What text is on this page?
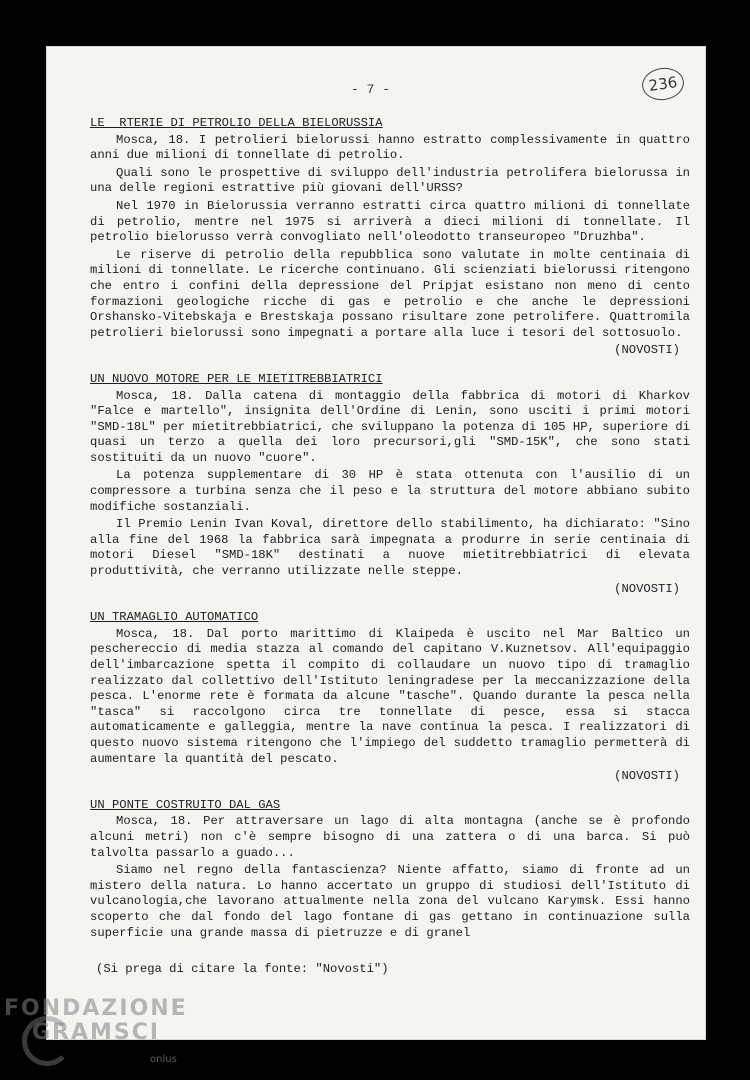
- 7 -	236
LE  RTERIE DI PETROLIO DELLA BIELORUSSIA

Mosca, 18. I petrolieri bielorussi hanno estratto complessivamente in quattro anni due milioni di tonnellate di petrolio.

Quali sono le prospettive di sviluppo dell'industria petrolifera bielorussa in una delle regioni estrattive più giovani dell'URSS?

Nel 1970 in Bielorussia verranno estratti circa quattro milioni di tonnellate di petrolio, mentre nel 1975 si arriverà a dieci milioni di tonnellate. Il petrolio bielorusso verrà convogliato nell'oleodotto transeuropeo "Druzhba".

Le riserve di petrolio della repubblica sono valutate in molte centinaia di milioni di tonnellate. Le ricerche continuano. Gli scienziati bielorussi ritengono che entro i confini della depressione del Pripjat esistano non meno di cento formazioni geologiche ricche di gas e petrolio e che anche le depressioni Orshansko-Vitebskaja e Brestskaja possano risultare zone petrolifere. Quattromila petrolieri bielorussi sono impegnati a portare alla luce i tesori del sottosuolo.

(NOVOSTI)
UN NUOVO MOTORE PER LE MIETITREBBIATRICI

Mosca, 18. Dalla catena di montaggio della fabbrica di motori di Kharkov "Falce e martello", insignita dell'Ordine di Lenin, sono usciti i primi motori "SMD-18L" per mietitrebbiatrici, che sviluppano la potenza di 105 HP, superiore di quasi un terzo a quella dei loro precursori,gli "SMD-15K", che sono stati sostituiti da un nuovo "cuore".

La potenza supplementare di 30 HP è stata ottenuta con l'ausilio di un compressore a turbina senza che il peso e la struttura del motore abbiano subito modifiche sostanziali.

Il Premio Lenin Ivan Koval, direttore dello stabilimento, ha dichiarato: "Sino alla fine del 1968 la fabbrica sarà impegnata a produrre in serie centinaia di motori Diesel "SMD-18K" destinati a nuove mietitrebbiatrici di elevata produttività, che verranno utilizzate nelle steppe.

(NOVOSTI)
UN TRAMAGLIO AUTOMATICO

Mosca, 18. Dal porto marittimo di Klaipeda è uscito nel Mar Baltico un peschereccio di media stazza al comando del capitano V.Kuznetsov. All'equipaggio dell'imbarcazione spetta il compito di collaudare un nuovo tipo di tramaglio realizzato dal collettivo dell'Istituto leningradese per la meccanizzazione della pesca. L'enorme rete è formata da alcune "tasche". Quando durante la pesca nella "tasca" si raccolgono circa tre tonnellate di pesce, essa si stacca automaticamente e galleggia, mentre la nave continua la pesca. I realizzatori di questo nuovo sistema ritengono che l'impiego del suddetto tramaglio permetterà di aumentare la quantità del pescato.

(NOVOSTI)
UN PONTE COSTRUITO DAL GAS

Mosca, 18. Per attraversare un lago di alta montagna (anche se è profondo alcuni metri) non c'è sempre bisogno di una zattera o di una barca. Si può talvolta passarlo a guado...

Siamo nel regno della fantascienza? Niente affatto, siamo di fronte ad un mistero della natura. Lo hanno accertato un gruppo di studiosi dell'Istituto di vulcanologia,che lavorano attualmente nella zona del vulcano Karymsk. Essi hanno scoperto che dal fondo del lago fontane di gas gettano in continuazione sulla superficie una grande massa di pietruzze e di granel

(Si prega di citare la fonte: "Novosti")
FONDAZIONE
GRAMSCI
onlus
